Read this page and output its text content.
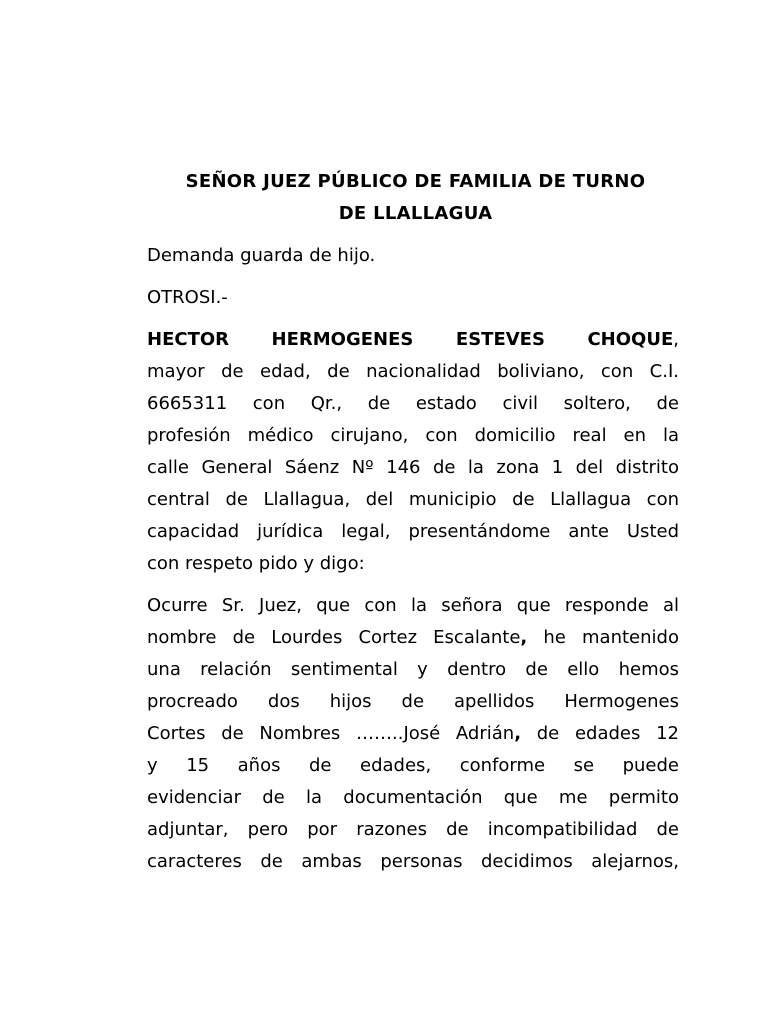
SEÑOR JUEZ PÚBLICO DE FAMILIA DE TURNO
DE LLALLAGUA

Demanda guarda de hijo.

OTROSI.-

HECTOR HERMOGENES ESTEVES CHOQUE,

mayor de edad, de nacionalidad boliviano, con C.I.

6665311 con Qr., de estado civil soltero, de

profesión médico cirujano, con domicilio real en la

calle General Sáenz Nº 146 de la zona 1 del distrito

central de Llallagua, del municipio de Llallagua con

capacidad jurídica legal, presentándome ante Usted

con respeto pido y digo:

Ocurre Sr. Juez, que con la señora que responde al

nombre de Lourdes Cortez Escalante, he mantenido

una relación sentimental y dentro de ello hemos

procreado dos hijos de apellidos Hermogenes

Cortes de Nombres ……..José Adrián, de edades 12

y 15 años de edades, conforme se puede

evidenciar de la documentación que me permito

adjuntar, pero por razones de incompatibilidad de

caracteres de ambas personas decidimos alejarnos,
